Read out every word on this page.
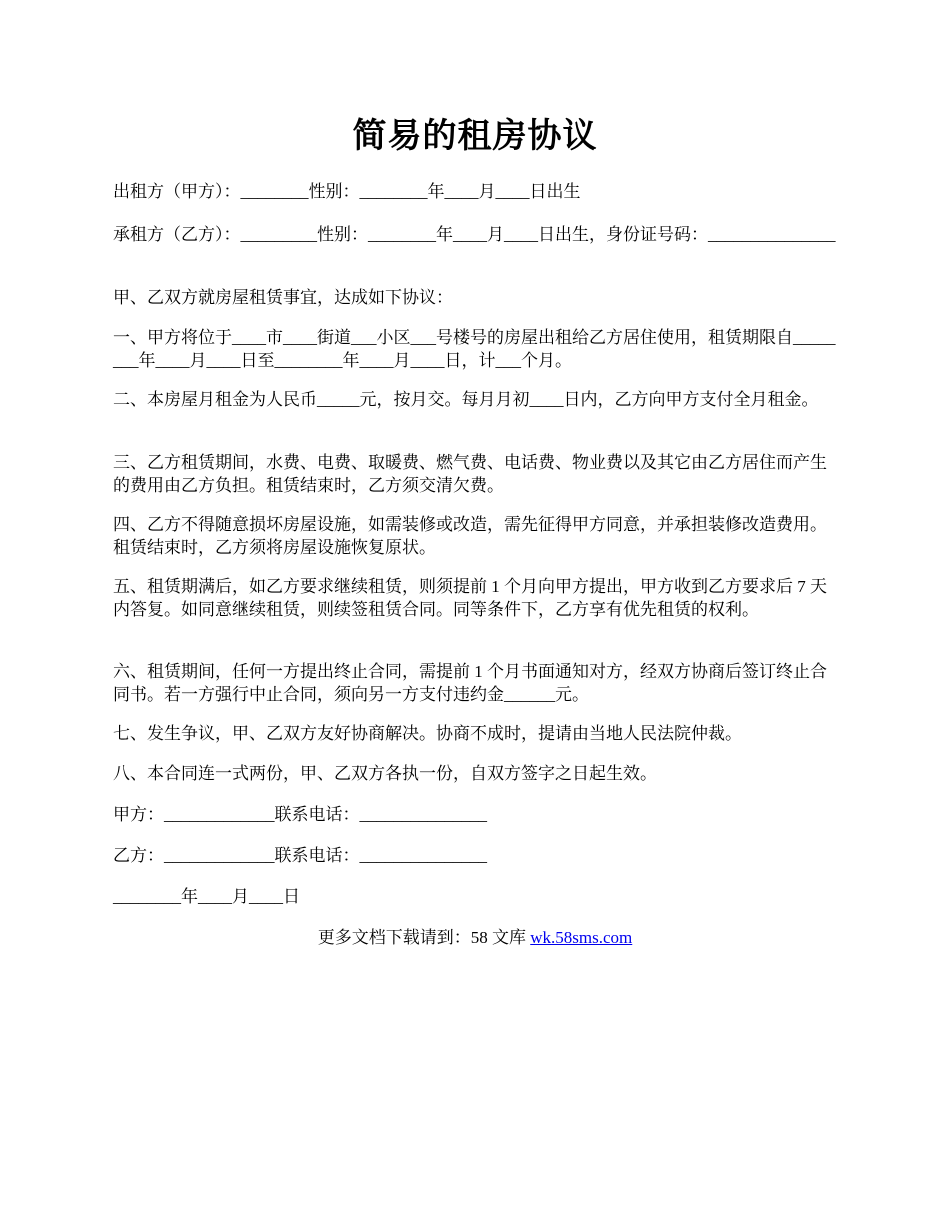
简易的租房协议
出租方（甲方）：________性别：________年____月____日出生
承租方（乙方）：_________性别：________年____月____日出生，身份证号码：_______________
甲、乙双方就房屋租赁事宜，达成如下协议：
一、甲方将位于____市____街道___小区___号楼号的房屋出租给乙方居住使用，租赁期限自________年____月____日至________年____月____日，计___个月。
二、本房屋月租金为人民币_____元，按月交。每月月初____日内，乙方向甲方支付全月租金。
三、乙方租赁期间，水费、电费、取暖费、燃气费、电话费、物业费以及其它由乙方居住而产生的费用由乙方负担。租赁结束时，乙方须交清欠费。
四、乙方不得随意损坏房屋设施，如需装修或改造，需先征得甲方同意，并承担装修改造费用。租赁结束时，乙方须将房屋设施恢复原状。
五、租赁期满后，如乙方要求继续租赁，则须提前 1 个月向甲方提出，甲方收到乙方要求后 7 天内答复。如同意继续租赁，则续签租赁合同。同等条件下，乙方享有优先租赁的权利。
六、租赁期间，任何一方提出终止合同，需提前 1 个月书面通知对方，经双方协商后签订终止合同书。若一方强行中止合同，须向另一方支付违约金______元。
七、发生争议，甲、乙双方友好协商解决。协商不成时，提请由当地人民法院仲裁。
八、本合同连一式两份，甲、乙双方各执一份，自双方签字之日起生效。
甲方：_____________联系电话：_______________
乙方：_____________联系电话：_______________
________年____月____日
更多文档下载请到：58 文库 wk.58sms.com
